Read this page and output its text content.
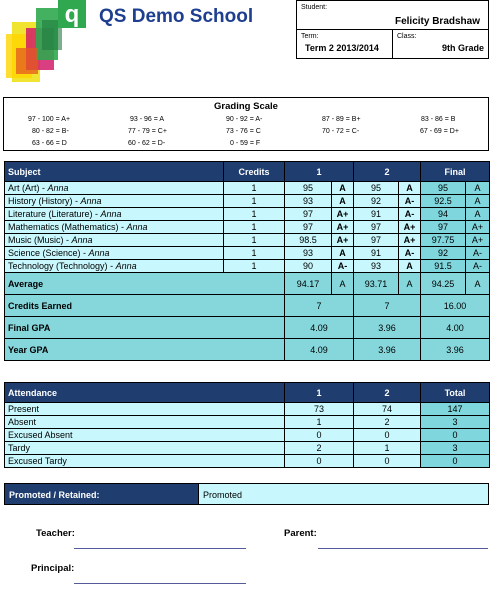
q QS Demo School	Student:
Felicity Bradshaw
Term:
Term 2 2013/2014
Class:
9th Grade
Grading Scale
97 - 100 = A+	93 - 96 = A	90 - 92 = A-	87 - 89 = B+	83 - 86 = B
80 - 82 = B-	77 - 79 = C+	73 - 76 = C	70 - 72 = C-	67 - 69 = D+
63 - 66 = D	60 - 62 = D-	0 - 59 = F
Subject	Credits	1		2		Final	
Art (Art) - Anna	1	95	A	95	A	95	A
History (History) - Anna	1	93	A	92	A-	92.5	A
Literature (Literature) - Anna	1	97	A+	91	A-	94	A
Mathematics (Mathematics) - Anna	1	97	A+	97	A+	97	A+
Music (Music) - Anna	1	98.5	A+	97	A+	97.75	A+
Science (Science) - Anna	1	93	A	91	A-	92	A-
Technology (Technology) - Anna	1	90	A-	93	A	91.5	A-
Average		94.17	A	93.71	A	94.25	A
Credits Earned		7		7		16.00	
Final GPA		4.09		3.96		4.00	
Year GPA		4.09		3.96		3.96	
Attendance	1	2	Total
Present	73	74	147
Absent	1	2	3
Excused Absent	0	0	0
Tardy	2	1	3
Excused Tardy	0	0	0
Promoted / Retained:	Promoted
Teacher:	Parent:
Principal:
